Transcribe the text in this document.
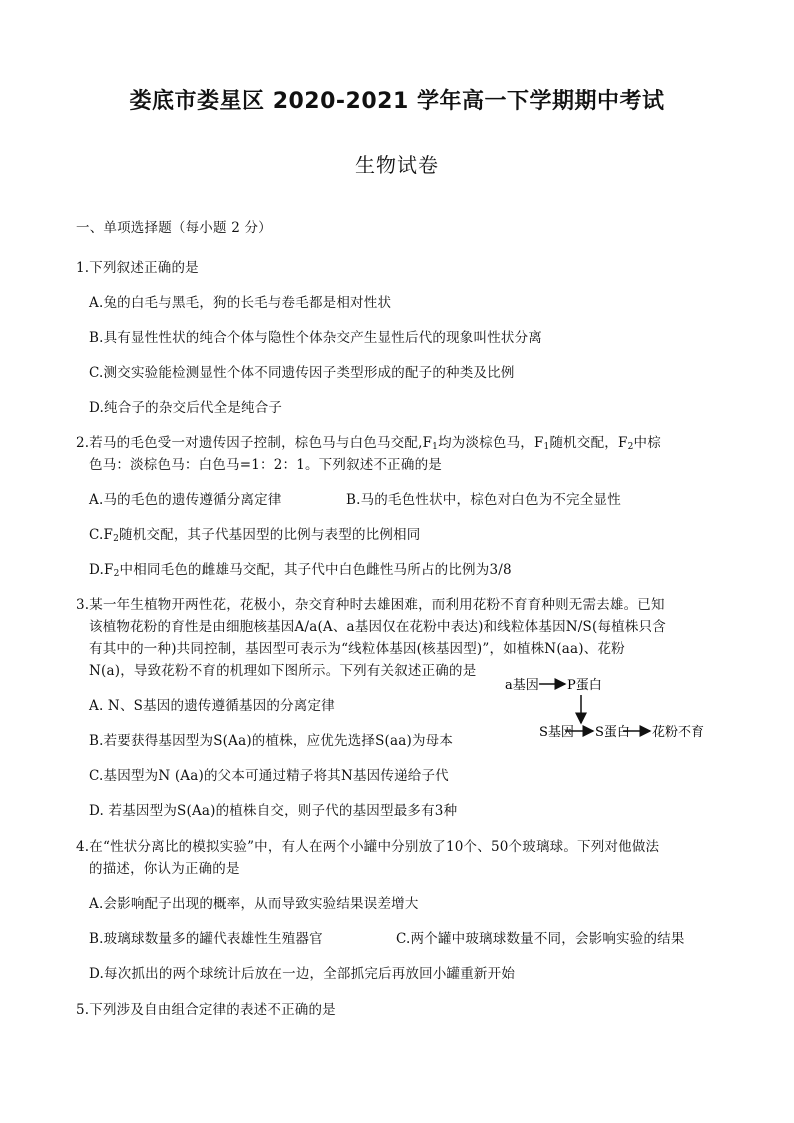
娄底市娄星区 2020-2021 学年高一下学期期中考试
生物试卷
一、单项选择题（每小题 2 分）
1.下列叙述正确的是
A.兔的白毛与黑毛，狗的长毛与卷毛都是相对性状
B.具有显性性状的纯合个体与隐性个体杂交产生显性后代的现象叫性状分离
C.测交实验能检测显性个体不同遗传因子类型形成的配子的种类及比例
D.纯合子的杂交后代全是纯合子
2.若马的毛色受一对遗传因子控制，棕色马与白色马交配$,F_1$均为淡棕色马，$F_1$随机交配，$F_2$中棕
色马：淡棕色马：白色马=1：2：1。下列叙述不正确的是
A.马的毛色的遗传遵循分离定律	B.马的毛色性状中，棕色对白色为不完全显性
$C.F_2$随机交配，其子代基因型的比例与表型的比例相同
$D.F_2$中相同毛色的雌雄马交配，其子代中白色雌性马所占的比例为3/8
3.某一年生植物开两性花，花极小，杂交育种时去雄困难，而利用花粉不育育种则无需去雄。已知
该植物花粉的育性是由细胞核基因A/a(A、a基因仅在花粉中表达)和线粒体基因N/S(每植株只含
有其中的一种)共同控制，基因型可表示为“线粒体基因(核基因型)”，如植株N(aa)、花粉
N(a)，导致花粉不育的机理如下图所示。下列有关叙述正确的是
A. N、S基因的遗传遵循基因的分离定律
B.若要获得基因型为S(Aa)的植株，应优先选择S(aa)为母本
C.基因型为N (Aa)的父本可通过精子将其N基因传递给子代
D. 若基因型为S(Aa)的植株自交，则子代的基因型最多有3种
a基因 P蛋白
S基因 S蛋白 花粉不育
4.在“性状分离比的模拟实验”中，有人在两个小罐中分别放了10个、50个玻璃球。下列对他做法
的描述，你认为正确的是
A.会影响配子出现的概率，从而导致实验结果误差增大
B.玻璃球数量多的罐代表雄性生殖器官	C.两个罐中玻璃球数量不同，会影响实验的结果
D.每次抓出的两个球统计后放在一边，全部抓完后再放回小罐重新开始
5.下列涉及自由组合定律的表述不正确的是
